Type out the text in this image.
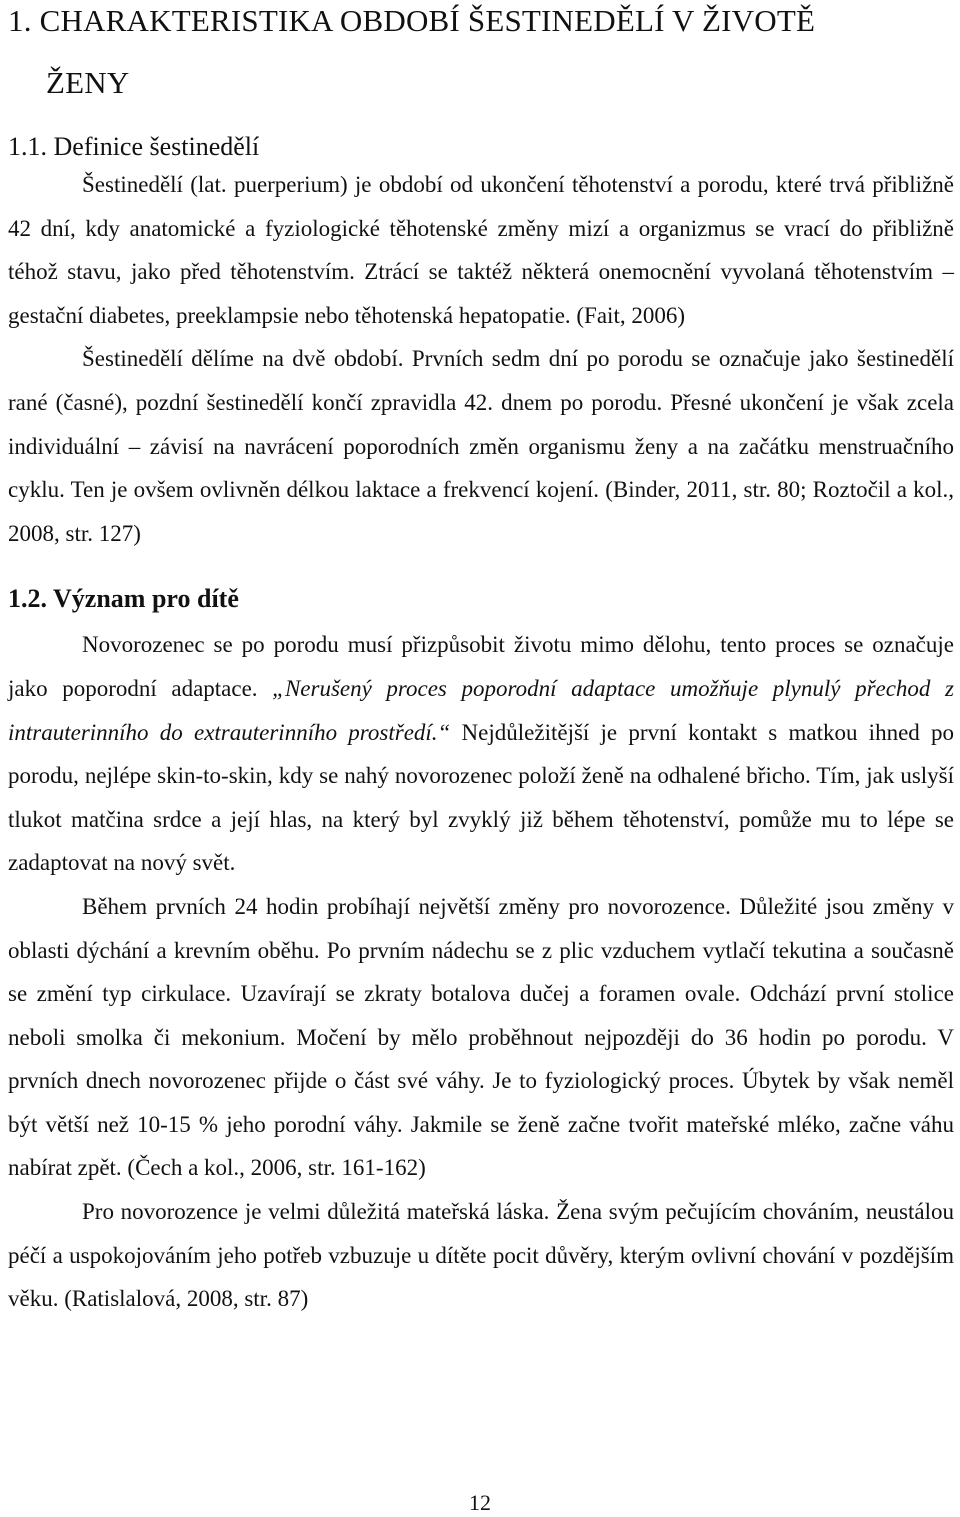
1. CHARAKTERISTIKA OBDOBÍ ŠESTINEDĚLÍ V ŽIVOTĚ
ŽENY
1.1. Definice šestinedělí

Šestinedělí (lat. puerperium) je období od ukončení těhotenství a porodu, které trvá přibližně 42 dní, kdy anatomické a fyziologické těhotenské změny mizí a organizmus se vrací do přibližně téhož stavu, jako před těhotenstvím. Ztrácí se taktéž některá onemocnění vyvolaná těhotenstvím – gestační diabetes, preeklampsie nebo těhotenská hepatopatie. (Fait, 2006)

Šestinedělí dělíme na dvě období. Prvních sedm dní po porodu se označuje jako šestinedělí rané (časné), pozdní šestinedělí končí zpravidla 42. dnem po porodu. Přesné ukončení je však zcela individuální – závisí na navrácení poporodních změn organismu ženy a na začátku menstruačního cyklu. Ten je ovšem ovlivněn délkou laktace a frekvencí kojení. (Binder, 2011, str. 80; Roztočil a kol., 2008, str. 127)

1.2. Význam pro dítě

Novorozenec se po porodu musí přizpůsobit životu mimo dělohu, tento proces se označuje jako poporodní adaptace. „Nerušený proces poporodní adaptace umožňuje plynulý přechod z intrauterinního do extrauterinního prostředí.“ Nejdůležitější je první kontakt s matkou ihned po porodu, nejlépe skin-to-skin, kdy se nahý novorozenec položí ženě na odhalené břicho. Tím, jak uslyší tlukot matčina srdce a její hlas, na který byl zvyklý již během těhotenství, pomůže mu to lépe se zadaptovat na nový svět.

Během prvních 24 hodin probíhají největší změny pro novorozence. Důležité jsou změny v oblasti dýchání a krevním oběhu. Po prvním nádechu se z plic vzduchem vytlačí tekutina a současně se změní typ cirkulace. Uzavírají se zkraty botalova dučej a foramen ovale. Odchází první stolice neboli smolka či mekonium. Močení by mělo proběhnout nejpozději do 36 hodin po porodu. V prvních dnech novorozenec přijde o část své váhy. Je to fyziologický proces. Úbytek by však neměl být větší než 10-15 % jeho porodní váhy. Jakmile se ženě začne tvořit mateřské mléko, začne váhu nabírat zpět. (Čech a kol., 2006, str. 161-162)

Pro novorozence je velmi důležitá mateřská láska. Žena svým pečujícím chováním, neustálou péčí a uspokojováním jeho potřeb vzbuzuje u dítěte pocit důvěry, kterým ovlivní chování v pozdějším věku. (Ratislalová, 2008, str. 87)

12
